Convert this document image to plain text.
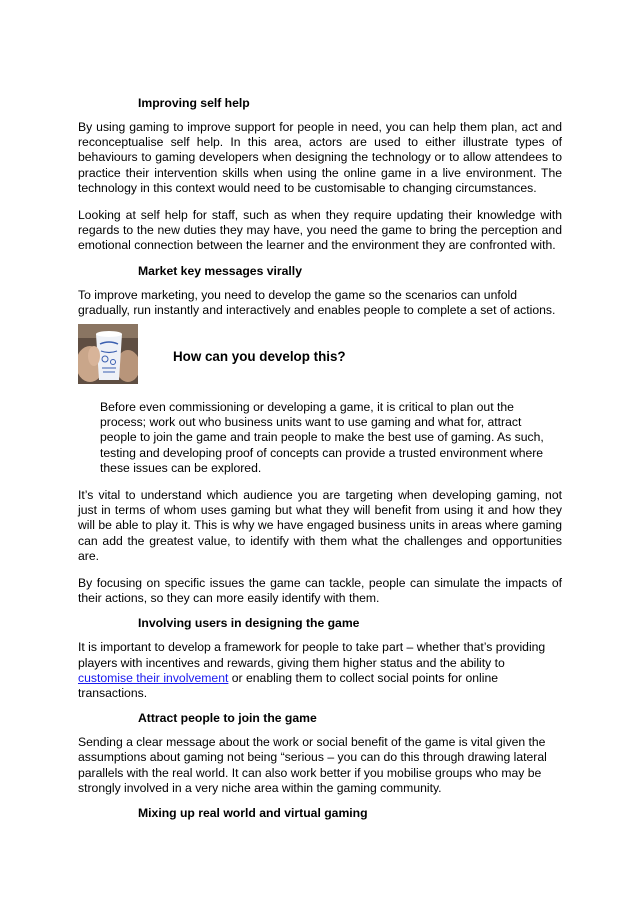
Improving self help

By using gaming to improve support for people in need, you can help them plan, act and reconceptualise self help. In this area, actors are used to either illustrate types of behaviours to gaming developers when designing the technology or to allow attendees to practice their intervention skills when using the online game in a live environment. The technology in this context would need to be customisable to changing circumstances.

Looking at self help for staff, such as when they require updating their knowledge with regards to the new duties they may have, you need the game to bring the perception and emotional connection between the learner and the environment they are confronted with.

Market key messages virally

To improve marketing, you need to develop the game so the scenarios can unfold gradually, run instantly and interactively and enables people to complete a set of actions.

How can you develop this?

Before even commissioning or developing a game, it is critical to plan out the process; work out who business units want to use gaming and what for, attract people to join the game and train people to make the best use of gaming. As such, testing and developing proof of concepts can provide a trusted environment where these issues can be explored.

It’s vital to understand which audience you are targeting when developing gaming, not just in terms of whom uses gaming but what they will benefit from using it and how they will be able to play it. This is why we have engaged business units in areas where gaming can add the greatest value, to identify with them what the challenges and opportunities are.

By focusing on specific issues the game can tackle, people can simulate the impacts of their actions, so they can more easily identify with them.

Involving users in designing the game

It is important to develop a framework for people to take part – whether that’s providing players with incentives and rewards, giving them higher status and the ability to customise their involvement or enabling them to collect social points for online transactions.

Attract people to join the game

Sending a clear message about the work or social benefit of the game is vital given the assumptions about gaming not being “serious – you can do this through drawing lateral parallels with the real world. It can also work better if you mobilise groups who may be strongly involved in a very niche area within the gaming community.

Mixing up real world and virtual gaming
